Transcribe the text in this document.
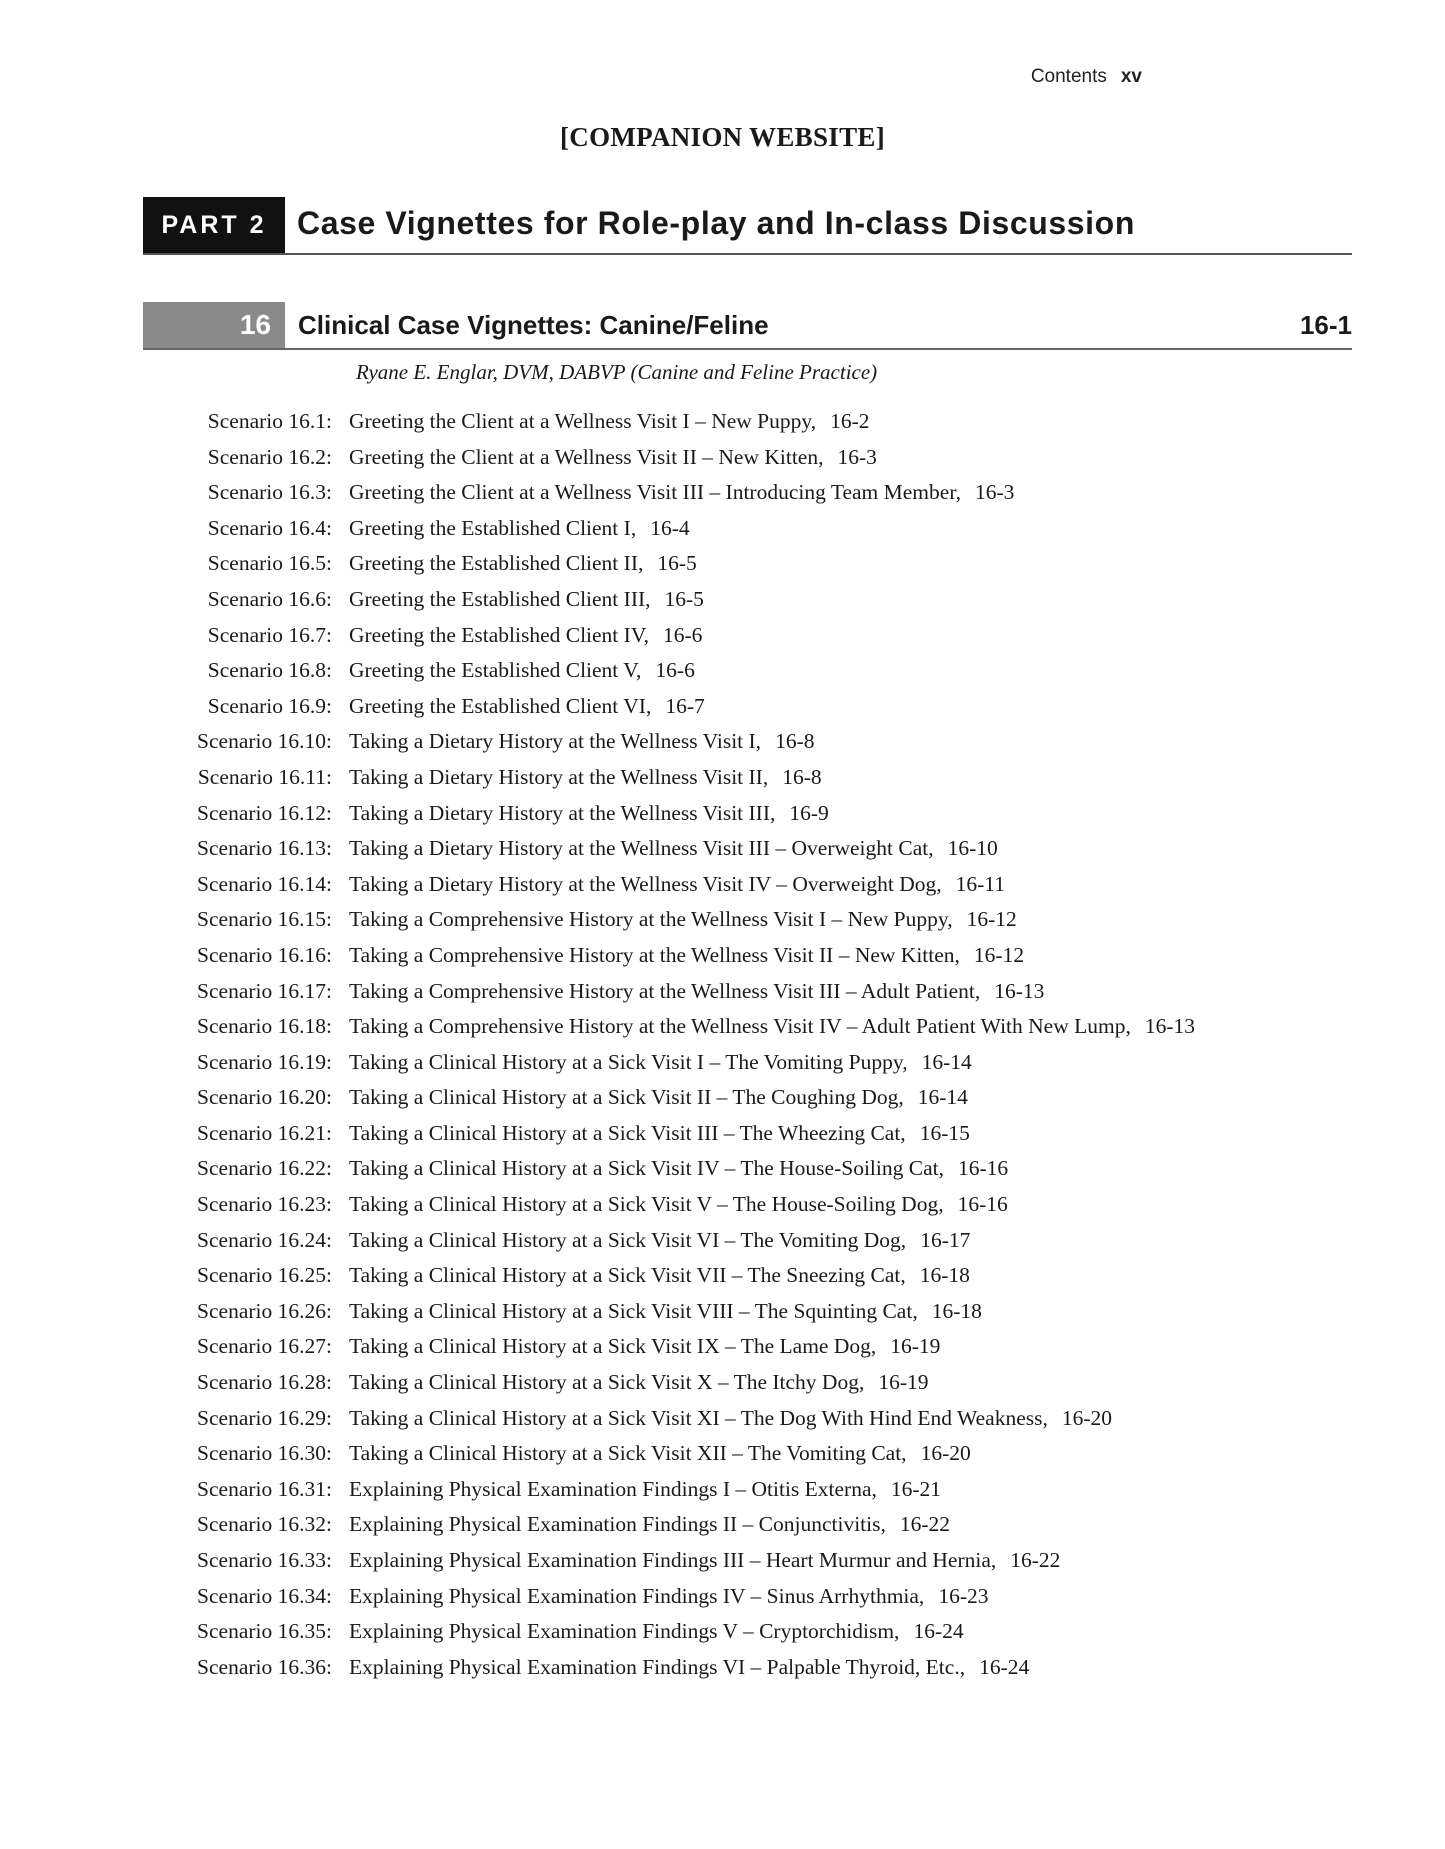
Contents xv
[COMPANION WEBSITE]
PART 2 Case Vignettes for Role-play and In-class Discussion
16	Clinical Case Vignettes: Canine/Feline	16-1
Ryane E. Englar, DVM, DABVP (Canine and Feline Practice)
Scenario 16.1: Greeting the Client at a Wellness Visit I – New Puppy, 16-2
Scenario 16.2: Greeting the Client at a Wellness Visit II – New Kitten, 16-3
Scenario 16.3: Greeting the Client at a Wellness Visit III – Introducing Team Member, 16-3
Scenario 16.4: Greeting the Established Client I, 16-4
Scenario 16.5: Greeting the Established Client II, 16-5
Scenario 16.6: Greeting the Established Client III, 16-5
Scenario 16.7: Greeting the Established Client IV, 16-6
Scenario 16.8: Greeting the Established Client V, 16-6
Scenario 16.9: Greeting the Established Client VI, 16-7
Scenario 16.10: Taking a Dietary History at the Wellness Visit I, 16-8
Scenario 16.11: Taking a Dietary History at the Wellness Visit II, 16-8
Scenario 16.12: Taking a Dietary History at the Wellness Visit III, 16-9
Scenario 16.13: Taking a Dietary History at the Wellness Visit III – Overweight Cat, 16-10
Scenario 16.14: Taking a Dietary History at the Wellness Visit IV – Overweight Dog, 16-11
Scenario 16.15: Taking a Comprehensive History at the Wellness Visit I – New Puppy, 16-12
Scenario 16.16: Taking a Comprehensive History at the Wellness Visit II – New Kitten, 16-12
Scenario 16.17: Taking a Comprehensive History at the Wellness Visit III – Adult Patient, 16-13
Scenario 16.18: Taking a Comprehensive History at the Wellness Visit IV – Adult Patient With New Lump, 16-13
Scenario 16.19: Taking a Clinical History at a Sick Visit I – The Vomiting Puppy, 16-14
Scenario 16.20: Taking a Clinical History at a Sick Visit II – The Coughing Dog, 16-14
Scenario 16.21: Taking a Clinical History at a Sick Visit III – The Wheezing Cat, 16-15
Scenario 16.22: Taking a Clinical History at a Sick Visit IV – The House-Soiling Cat, 16-16
Scenario 16.23: Taking a Clinical History at a Sick Visit V – The House-Soiling Dog, 16-16
Scenario 16.24: Taking a Clinical History at a Sick Visit VI – The Vomiting Dog, 16-17
Scenario 16.25: Taking a Clinical History at a Sick Visit VII – The Sneezing Cat, 16-18
Scenario 16.26: Taking a Clinical History at a Sick Visit VIII – The Squinting Cat, 16-18
Scenario 16.27: Taking a Clinical History at a Sick Visit IX – The Lame Dog, 16-19
Scenario 16.28: Taking a Clinical History at a Sick Visit X – The Itchy Dog, 16-19
Scenario 16.29: Taking a Clinical History at a Sick Visit XI – The Dog With Hind End Weakness, 16-20
Scenario 16.30: Taking a Clinical History at a Sick Visit XII – The Vomiting Cat, 16-20
Scenario 16.31: Explaining Physical Examination Findings I – Otitis Externa, 16-21
Scenario 16.32: Explaining Physical Examination Findings II – Conjunctivitis, 16-22
Scenario 16.33: Explaining Physical Examination Findings III – Heart Murmur and Hernia, 16-22
Scenario 16.34: Explaining Physical Examination Findings IV – Sinus Arrhythmia, 16-23
Scenario 16.35: Explaining Physical Examination Findings V – Cryptorchidism, 16-24
Scenario 16.36: Explaining Physical Examination Findings VI – Palpable Thyroid, Etc., 16-24
